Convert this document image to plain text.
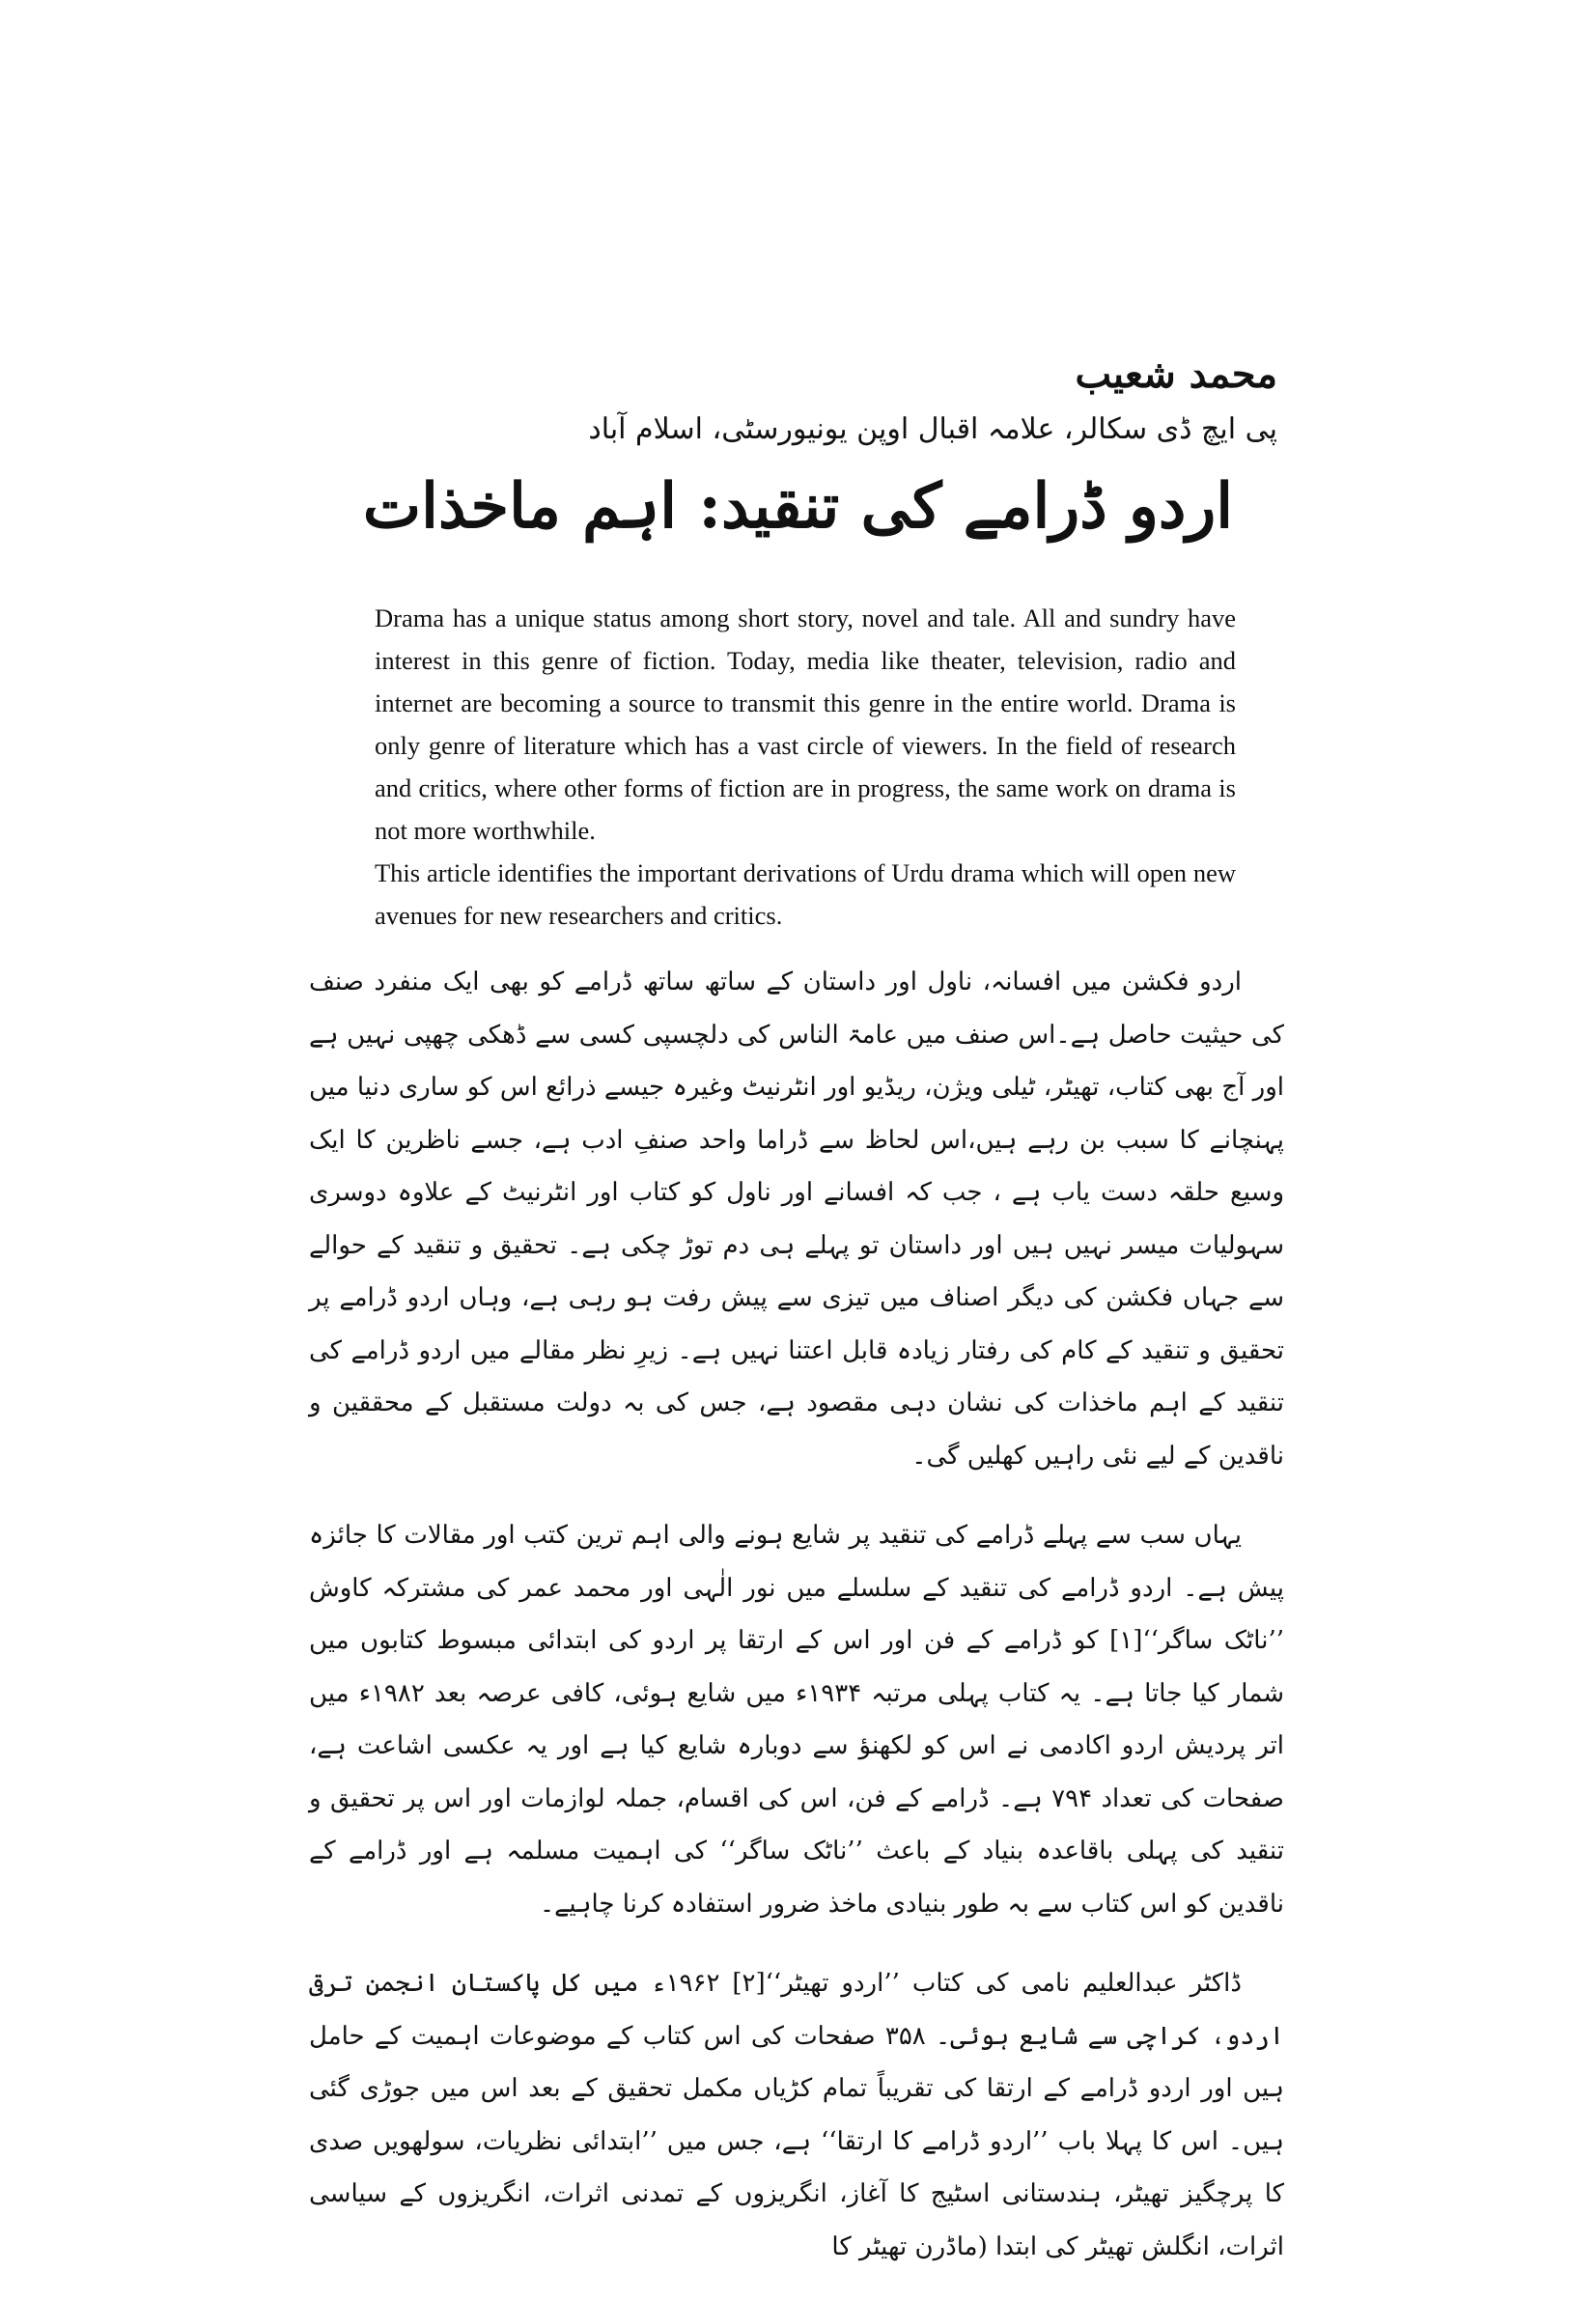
محمد شعیب
پی ایچ ڈی سکالر، علامہ اقبال اوپن یونیورسٹی، اسلام آباد
اردو ڈرامے کی تنقید: اہم ماخذات

Drama has a unique status among short story, novel and tale. All and sundry have interest in this genre of fiction. Today, media like theater, television, radio and internet are becoming a source to transmit this genre in the entire world. Drama is only genre of literature which has a vast circle of viewers. In the field of research and critics, where other forms of fiction are in progress, the same work on drama is not more worthwhile.

This article identifies the important derivations of Urdu drama which will open new avenues for new researchers and critics.

اردو فکشن میں افسانہ، ناول اور داستان کے ساتھ ساتھ ڈرامے کو بھی ایک منفرد صنف کی حیثیت حاصل ہے۔اس صنف میں عامۃ الناس کی دلچسپی کسی سے ڈھکی چھپی نہیں ہے اور آج بھی کتاب، تھیٹر، ٹیلی ویژن، ریڈیو اور انٹرنیٹ وغیرہ جیسے ذرائع اس کو ساری دنیا میں پہنچانے کا سبب بن رہے ہیں،اس لحاظ سے ڈراما واحد صنفِ ادب ہے، جسے ناظرین کا ایک وسیع حلقہ دست یاب ہے ، جب کہ افسانے اور ناول کو کتاب اور انٹرنیٹ کے علاوہ دوسری سہولیات میسر نہیں ہیں اور داستان تو پہلے ہی دم توڑ چکی ہے۔ تحقیق و تنقید کے حوالے سے جہاں فکشن کی دیگر اصناف میں تیزی سے پیش رفت ہو رہی ہے، وہاں اردو ڈرامے پر تحقیق و تنقید کے کام کی رفتار زیادہ قابل اعتنا نہیں ہے۔ زیرِ نظر مقالے میں اردو ڈرامے کی تنقید کے اہم ماخذات کی نشان دہی مقصود ہے، جس کی بہ دولت مستقبل کے محققین و ناقدین کے لیے نئی راہیں کھلیں گی۔

یہاں سب سے پہلے ڈرامے کی تنقید پر شایع ہونے والی اہم ترین کتب اور مقالات کا جائزہ پیش ہے۔ اردو ڈرامے کی تنقید کے سلسلے میں نور الٰہی اور محمد عمر کی مشترکہ کاوش ’’ناٹک ساگر‘‘[۱] کو ڈرامے کے فن اور اس کے ارتقا پر اردو کی ابتدائی مبسوط کتابوں میں شمار کیا جاتا ہے۔ یہ کتاب پہلی مرتبہ ۱۹۳۴ء میں شایع ہوئی، کافی عرصہ بعد ۱۹۸۲ء میں اتر پردیش اردو اکادمی نے اس کو لکھنؤ سے دوبارہ شایع کیا ہے اور یہ عکسی اشاعت ہے، صفحات کی تعداد ۷۹۴ ہے۔ ڈرامے کے فن، اس کی اقسام، جملہ لوازمات اور اس پر تحقیق و تنقید کی پہلی باقاعدہ بنیاد کے باعث ’’ناٹک ساگر‘‘ کی اہمیت مسلمہ ہے اور ڈرامے کے ناقدین کو اس کتاب سے بہ طور بنیادی ماخذ ضرور استفادہ کرنا چاہیے۔

ڈاکٹر عبدالعلیم نامی کی کتاب ’’اردو تھیٹر‘‘[۲] ۱۹۶۲ء میں کل پاکستان انجمن ترقی اردو، کراچی سے شایع ہوئی۔ ۳۵۸ صفحات کی اس کتاب کے موضوعات اہمیت کے حامل ہیں اور اردو ڈرامے کے ارتقا کی تقریباً تمام کڑیاں مکمل تحقیق کے بعد اس میں جوڑی گئی ہیں۔ اس کا پہلا باب ’’اردو ڈرامے کا ارتقا‘‘ ہے، جس میں ’’ابتدائی نظریات، سولھویں صدی کا پرچگیز تھیٹر، ہندستانی اسٹیج کا آغاز، انگریزوں کے تمدنی اثرات، انگریزوں کے سیاسی اثرات، انگلش تھیٹر کی ابتدا (ماڈرن تھیٹر کا
